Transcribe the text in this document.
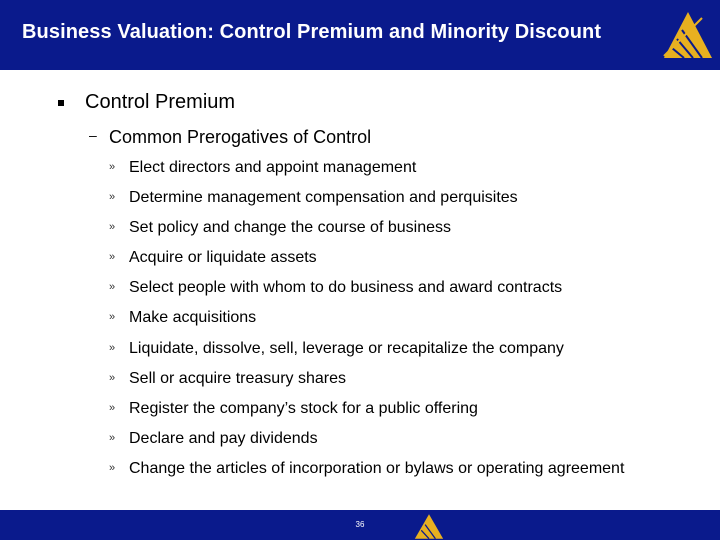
Business Valuation: Control Premium and Minority Discount
Control Premium
– Common Prerogatives of Control
» Elect directors and appoint management
» Determine management compensation and perquisites
» Set policy and change the course of business
» Acquire or liquidate assets
» Select people with whom to do business and award contracts
» Make acquisitions
» Liquidate, dissolve, sell, leverage or recapitalize the company
» Sell or acquire treasury shares
» Register the company’s stock for a public offering
» Declare and pay dividends
» Change the articles of incorporation or bylaws or operating agreement
36
